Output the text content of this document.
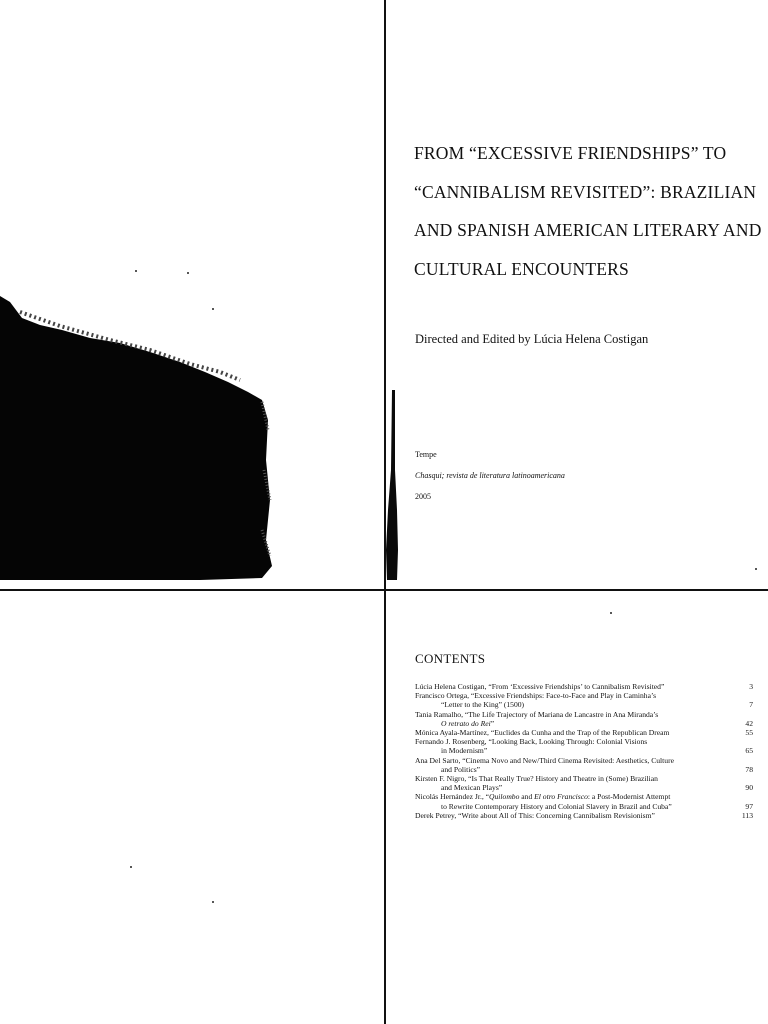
FROM “EXCESSIVE FRIENDSHIPS” TO
“CANNIBALISM REVISITED”: BRAZILIAN
AND SPANISH AMERICAN LITERARY AND
CULTURAL ENCOUNTERS
Directed and Edited by Lúcia Helena Costigan
Tempe
Chasqui; revista de literatura latinoamericana
2005
CONTENTS
Lúcia Helena Costigan, “From ‘Excessive Friendships’ to Cannibalism Revisited”	3
Francisco Ortega, “Excessive Friendships: Face-to-Face and Play in Caminha’s
“Letter to the King” (1500)	7
Tania Ramalho, “The Life Trajectory of Mariana de Lancastre in Ana Miranda’s
O retrato do Rei”	42
Mónica Ayala-Martínez, “Euclides da Cunha and the Trap of the Republican Dream	55
Fernando J. Rosenberg, “Looking Back, Looking Through: Colonial Visions
in Modernism”	65
Ana Del Sarto, “Cinema Novo and New/Third Cinema Revisited: Aesthetics, Culture
and Politics”	78
Kirsten F. Nigro, “Is That Really True? History and Theatre in (Some) Brazilian
and Mexican Plays”	90
Nicolás Hernández Jr., “Quilombo and El otro Francisco: a Post-Modernist Attempt
to Rewrite Contemporary History and Colonial Slavery in Brazil and Cuba”	97
Derek Petrey, “Write about All of This: Concerning Cannibalism Revisionism”	113
